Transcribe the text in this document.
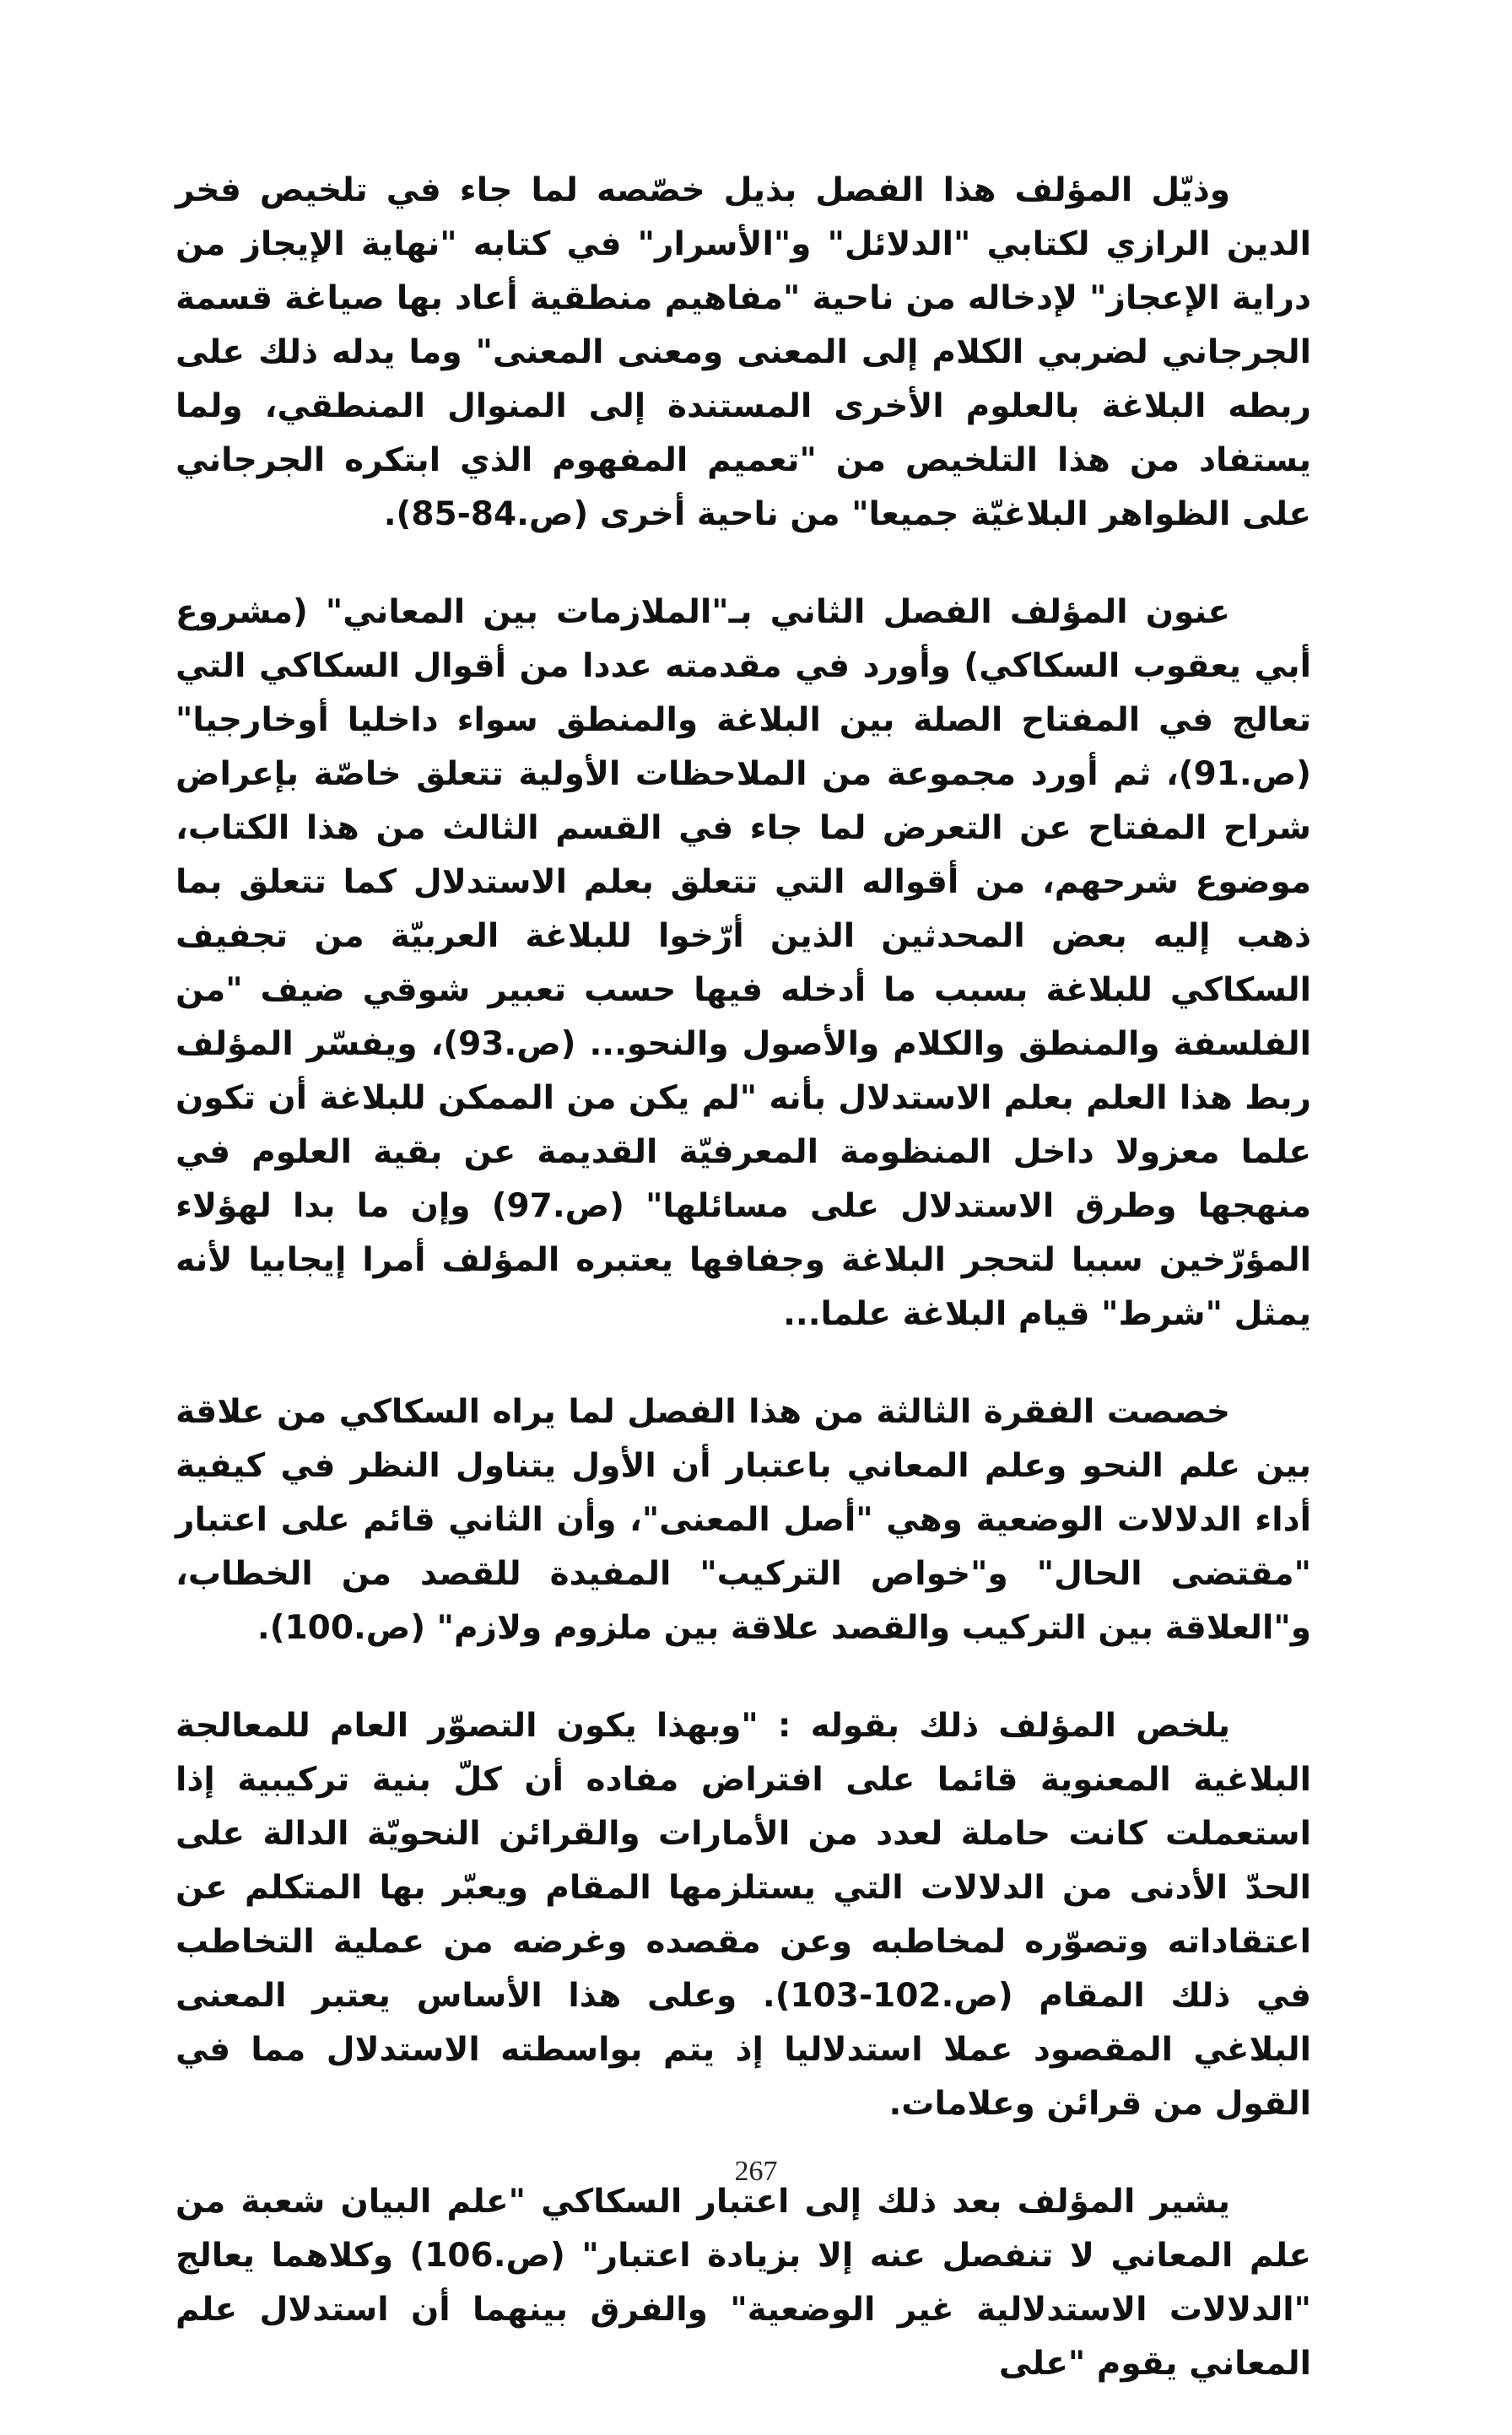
وذيّل المؤلف هذا الفصل بذيل خصّصه لما جاء في تلخيص فخر الدين الرازي لكتابي "الدلائل" و"الأسرار" في كتابه "نهاية الإيجاز من دراية الإعجاز" لإدخاله من ناحية "مفاهيم منطقية أعاد بها صياغة قسمة الجرجاني لضربي الكلام إلى المعنى ومعنى المعنى" وما يدله ذلك على ربطه البلاغة بالعلوم الأخرى المستندة إلى المنوال المنطقي، ولما يستفاد من هذا التلخيص من "تعميم المفهوم الذي ابتكره الجرجاني على الظواهر البلاغيّة جميعا" من ناحية أخرى (ص.84-85).

عنون المؤلف الفصل الثاني بـ"الملازمات بين المعاني" (مشروع أبي يعقوب السكاكي) وأورد في مقدمته عددا من أقوال السكاكي التي تعالج في المفتاح الصلة بين البلاغة والمنطق سواء داخليا أوخارجيا" (ص.91)، ثم أورد مجموعة من الملاحظات الأولية تتعلق خاصّة بإعراض شراح المفتاح عن التعرض لما جاء في القسم الثالث من هذا الكتاب، موضوع شرحهم، من أقواله التي تتعلق بعلم الاستدلال كما تتعلق بما ذهب إليه بعض المحدثين الذين أرّخوا للبلاغة العربيّة من تجفيف السكاكي للبلاغة بسبب ما أدخله فيها حسب تعبير شوقي ضيف "من الفلسفة والمنطق والكلام والأصول والنحو... (ص.93)، ويفسّر المؤلف ربط هذا العلم بعلم الاستدلال بأنه "لم يكن من الممكن للبلاغة أن تكون علما معزولا داخل المنظومة المعرفيّة القديمة عن بقية العلوم في منهجها وطرق الاستدلال على مسائلها" (ص.97) وإن ما بدا لهؤلاء المؤرّخين سببا لتحجر البلاغة وجفافها يعتبره المؤلف أمرا إيجابيا لأنه يمثل "شرط" قيام البلاغة علما...

خصصت الفقرة الثالثة من هذا الفصل لما يراه السكاكي من علاقة بين علم النحو وعلم المعاني باعتبار أن الأول يتناول النظر في كيفية أداء الدلالات الوضعية وهي "أصل المعنى"، وأن الثاني قائم على اعتبار "مقتضى الحال" و"خواص التركيب" المفيدة للقصد من الخطاب، و"العلاقة بين التركيب والقصد علاقة بين ملزوم ولازم" (ص.100).

يلخص المؤلف ذلك بقوله : "وبهذا يكون التصوّر العام للمعالجة البلاغية المعنوية قائما على افتراض مفاده أن كلّ بنية تركيبية إذا استعملت كانت حاملة لعدد من الأمارات والقرائن النحويّة الدالة على الحدّ الأدنى من الدلالات التي يستلزمها المقام ويعبّر بها المتكلم عن اعتقاداته وتصوّره لمخاطبه وعن مقصده وغرضه من عملية التخاطب في ذلك المقام (ص.102-103). وعلى هذا الأساس يعتبر المعنى البلاغي المقصود عملا استدلاليا إذ يتم بواسطته الاستدلال مما في القول من قرائن وعلامات.

يشير المؤلف بعد ذلك إلى اعتبار السكاكي "علم البيان شعبة من علم المعاني لا تنفصل عنه إلا بزيادة اعتبار" (ص.106) وكلاهما يعالج "الدلالات الاستدلالية غير الوضعية" والفرق بينهما أن استدلال علم المعاني يقوم "على

267
